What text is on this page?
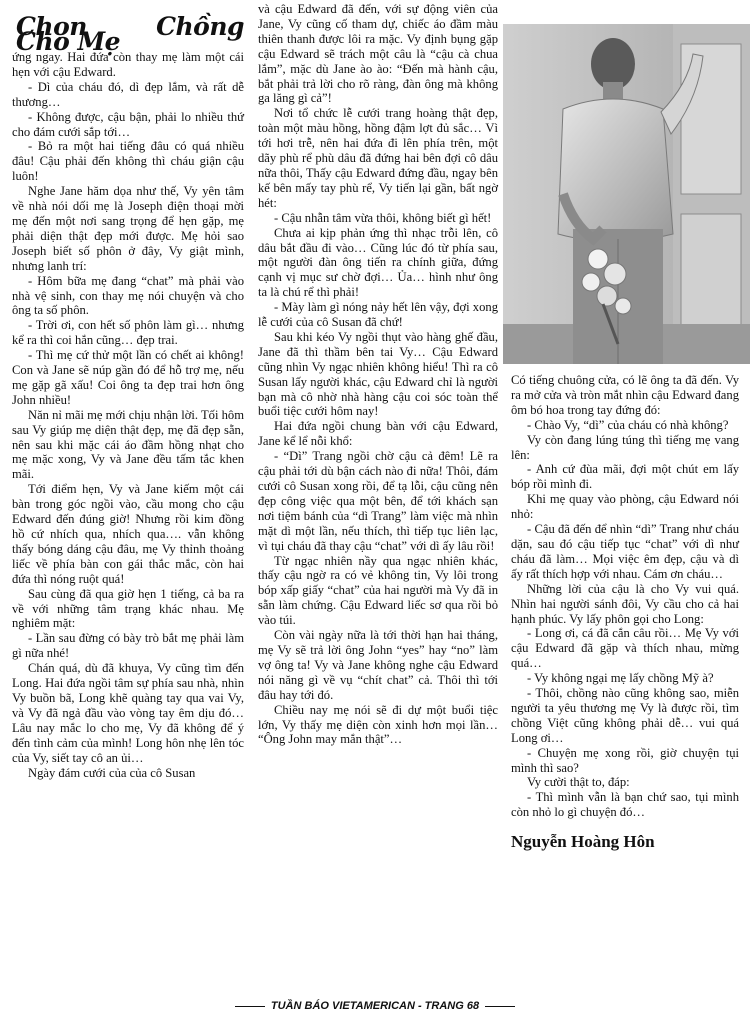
Chọn Chồng Cho Mẹ

ứng ngay. Hai đứa còn thay mẹ làm một cái hẹn với cậu Edward.

- Dì của cháu đó, dì đẹp lắm, và rất dễ thương…

- Không được, cậu bận, phải lo nhiều thứ cho đám cưới sắp tới…

- Bỏ ra một hai tiếng đâu có quá nhiều đâu! Cậu phải đến không thì cháu giận cậu luôn!

Nghe Jane hăm dọa như thế, Vy yên tâm về nhà nói dối mẹ là Joseph điện thoại mời mẹ đến một nơi sang trọng để hẹn gặp, mẹ phải diện thật đẹp mới được. Mẹ hỏi sao Joseph biết số phôn ở đây, Vy giật mình, nhưng lanh trí:

- Hôm bữa mẹ đang “chat” mà phải vào nhà vệ sinh, con thay mẹ nói chuyện và cho ông ta số phôn.

- Trời ơi, con hết số phôn làm gì… nhưng kể ra thì coi hắn cũng… đẹp trai.

- Thì mẹ cứ thử một lần có chết ai không! Con và Jane sẽ núp gần đó để hỗ trợ mẹ, nếu mẹ gặp gã xấu! Coi ông ta đẹp trai hơn ông John nhiều!

Năn nỉ mãi mẹ mới chịu nhận lời. Tối hôm sau Vy giúp mẹ diện thật đẹp, mẹ đã đẹp sẵn, nên sau khi mặc cái áo đầm hồng nhạt cho mẹ mặc xong, Vy và Jane đều tấm tắc khen mãi.

Tới điểm hẹn, Vy và Jane kiếm một cái bàn trong góc ngồi vào, cầu mong cho cậu Edward đến đúng giờ! Nhưng rồi kim đồng hồ cứ nhích qua, nhích qua…. vẫn không thấy bóng dáng cậu đâu, mẹ Vy thỉnh thoảng liếc về phía bàn con gái thắc mắc, còn hai đứa thì nóng ruột quá!

Sau cùng đã qua giờ hẹn 1 tiếng, cả ba ra về với những tâm trạng khác nhau. Mẹ nghiêm mặt:

- Lần sau đừng có bày trò bắt mẹ phải làm gì nữa nhé!

Chán quá, dù đã khuya, Vy cũng tìm đến Long. Hai đứa ngồi tâm sự phía sau nhà, nhìn Vy buồn bã, Long khẽ quàng tay qua vai Vy, và Vy đã ngả đầu vào vòng tay êm dịu đó… Lâu nay mắc lo cho mẹ, Vy đã không để ý đến tình cảm của mình! Long hôn nhẹ lên tóc của Vy, siết tay cô an ủi…

Ngày đám cưới của của cô Susan

và cậu Edward đã đến, với sự động viên của Jane, Vy cũng cố tham dự, chiếc áo đầm màu thiên thanh được lôi ra mặc. Vy định bụng gặp cậu Edward sẽ trách một câu là “cậu cà chua lắm”, mặc dù Jane ào ào: “Đến mà hành cậu, bắt phải trả lời cho rõ ràng, đàn ông mà không ga lăng gì cả”!

Nơi tổ chức lễ cưới trang hoàng thật đẹp, toàn một màu hồng, hồng đậm lợt đủ sắc… Vì tới hơi trễ, nên hai đứa đi lên phía trên, một dãy phù rể phù dâu đã đứng hai bên đợi cô dâu nữa thôi, Thấy cậu Edward đứng đầu, ngay bên kế bên mấy tay phù rể, Vy tiến lại gần, bất ngờ hét:

- Cậu nhẫn tâm vừa thôi, không biết gì hết!

Chưa ai kịp phản ứng thì nhạc trỗi lên, cô dâu bắt đầu đi vào… Cũng lúc đó từ phía sau, một người đàn ông tiến ra chính giữa, đứng cạnh vị mục sư chờ đợi… Ủa… hình như ông ta là chú rể thì phải!

- Mày làm gì nóng nảy hết lên vậy, đợi xong lễ cưới của cô Susan đã chứ!

Sau khi kéo Vy ngồi thụt vào hàng ghế đầu, Jane đã thì thầm bên tai Vy… Cậu Edward cũng nhìn Vy ngạc nhiên không hiểu! Thì ra cô Susan lấy người khác, cậu Edward chỉ là người bạn mà cô nhờ nhà hàng cậu coi sóc toàn thể buổi tiệc cưới hôm nay!

Hai đứa ngồi chung bàn với cậu Edward, Jane kể lể nỗi khổ:

- “Dì” Trang ngồi chờ cậu cả đêm! Lẽ ra cậu phải tới dù bận cách nào đi nữa! Thôi, đám cưới cô Susan xong rồi, để tạ lỗi, cậu cũng nên đẹp công việc qua một bên, để tới khách sạn nơi tiệm bánh của “dì Trang” làm việc mà nhìn mặt dì một lần, nếu thích, thì tiếp tục liên lạc, vì tụi cháu đã thay cậu “chat” với dì ấy lâu rồi!

Từ ngạc nhiên nầy qua ngạc nhiên khác, thấy cậu ngờ ra có vẻ không tin, Vy lôi trong bóp xấp giấy “chat” của hai người mà Vy đã in sẵn làm chứng. Cậu Edward liếc sơ qua rồi bỏ vào túi.

Còn vài ngày nữa là tới thời hạn hai tháng, mẹ Vy sẽ trả lời ông John “yes” hay “no” làm vợ ông ta! Vy và Jane không nghe cậu Edward nói năng gì về vụ “chít chat” cả. Thôi thì tới đâu hay tới đó.

Chiều nay mẹ nói sẽ đi dự một buổi tiệc lớn, Vy thấy mẹ diện còn xinh hơn mọi lần… “Ông John may mắn thật”…

Có tiếng chuông cửa, có lẽ ông ta đã đến. Vy ra mở cửa và tròn mắt nhìn cậu Edward đang ôm bó hoa trong tay đứng đó:

- Chào Vy, “dì” của cháu có nhà không?

Vy còn đang lúng túng thì tiếng mẹ vang lên:

- Anh cứ đùa mãi, đợi một chút em lấy bóp rồi mình đi.

Khi mẹ quay vào phòng, cậu Edward nói nhỏ:

- Cậu đã đến để nhìn “dì” Trang như cháu dặn, sau đó cậu tiếp tục “chat” với dì như cháu đã làm… Mọi việc êm đẹp, cậu và dì ấy rất thích hợp với nhau. Cám ơn cháu…

Những lời của cậu là cho Vy vui quá. Nhìn hai người sánh đôi, Vy cầu cho cả hai hạnh phúc. Vy lấy phôn gọi cho Long:

- Long ơi, cá đã cắn câu rồi… Mẹ Vy với cậu Edward đã gặp và thích nhau, mừng quá…

- Vy không ngại mẹ lấy chồng Mỹ à?

- Thôi, chồng nào cũng không sao, miễn người ta yêu thương mẹ Vy là được rồi, tìm chồng Việt cũng không phải dễ… vui quá Long ơi…

- Chuyện mẹ xong rồi, giờ chuyện tụi mình thì sao?

Vy cười thật to, đáp:

- Thì mình vẫn là bạn chứ sao, tụi mình còn nhỏ lo gì chuyện đó…

Nguyễn Hoàng Hôn

TUẦN BÁO VIETAMERICAN - TRANG 68
